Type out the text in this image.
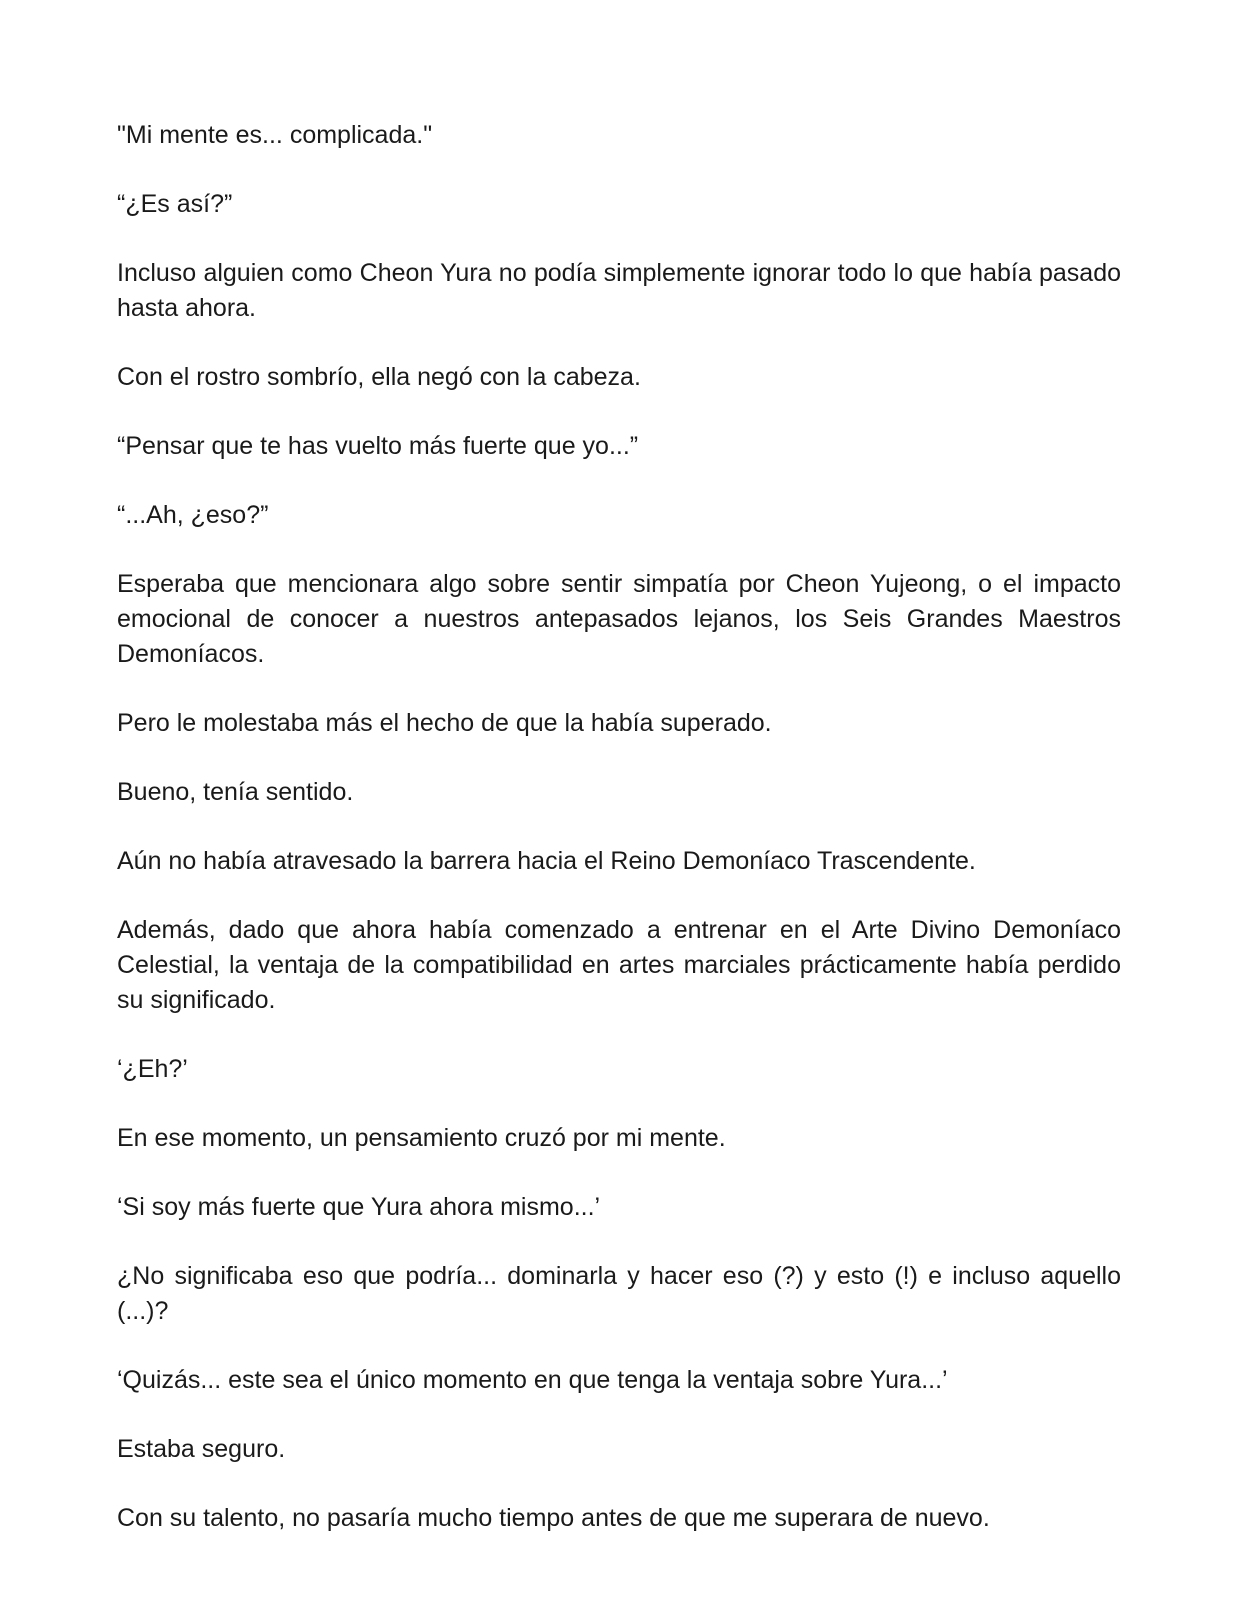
"Mi mente es... complicada."

“¿Es así?”

Incluso alguien como Cheon Yura no podía simplemente ignorar todo lo que había pasado hasta ahora.

Con el rostro sombrío, ella negó con la cabeza.

“Pensar que te has vuelto más fuerte que yo...”

“...Ah, ¿eso?”

Esperaba que mencionara algo sobre sentir simpatía por Cheon Yujeong, o el impacto emocional de conocer a nuestros antepasados lejanos, los Seis Grandes Maestros Demoníacos.

Pero le molestaba más el hecho de que la había superado.

Bueno, tenía sentido.

Aún no había atravesado la barrera hacia el Reino Demoníaco Trascendente.

Además, dado que ahora había comenzado a entrenar en el Arte Divino Demoníaco Celestial, la ventaja de la compatibilidad en artes marciales prácticamente había perdido su significado.

‘¿Eh?’

En ese momento, un pensamiento cruzó por mi mente.

‘Si soy más fuerte que Yura ahora mismo...’

¿No significaba eso que podría... dominarla y hacer eso (?) y esto (!) e incluso aquello (...)?

‘Quizás... este sea el único momento en que tenga la ventaja sobre Yura...’

Estaba seguro.

Con su talento, no pasaría mucho tiempo antes de que me superara de nuevo.
